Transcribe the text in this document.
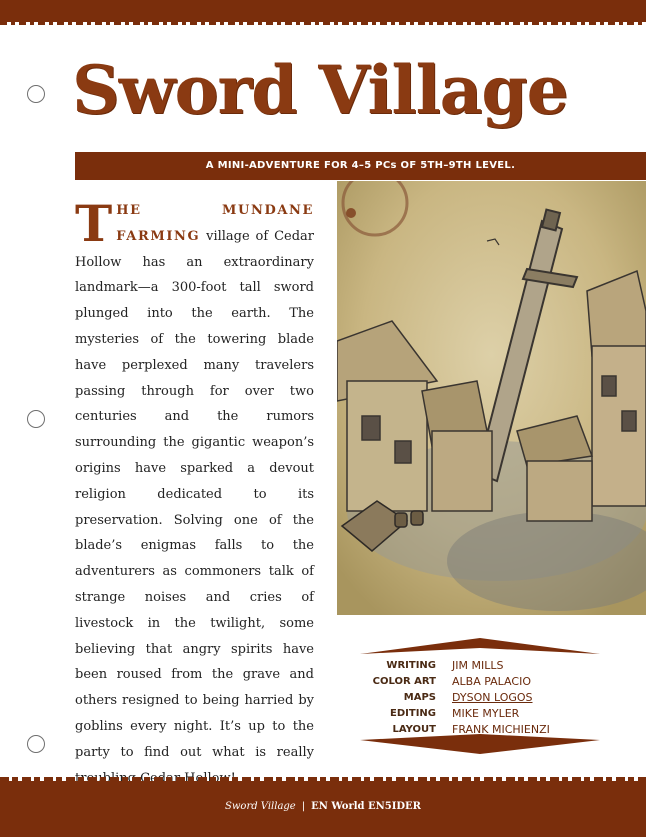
Sword Village
A MINI-ADVENTURE FOR 4–5 PCs OF 5TH–9TH LEVEL.

THE MUNDANE FARMING village of Cedar Hollow has an extraordinary landmark—a 300-foot tall sword plunged into the earth. The mysteries of the towering blade have perplexed many travelers passing through for over two centuries and the rumors surrounding the gigantic weapon’s origins have sparked a devout religion dedicated to its preservation. Solving one of the blade’s enigmas falls to the adventurers as commoners talk of strange noises and cries of livestock in the twilight, some believing that angry spirits have been roused from the grave and others resigned to being harried by goblins every night. It’s up to the party to find out what is really

WRITING JIM MILLS
COLOR ART ALBA PALACIO
MAPS DYSON LOGOS
EDITING MIKE MYLER
LAYOUT FRANK MICHIENZI
Sword Village | EN World EN5IDER
